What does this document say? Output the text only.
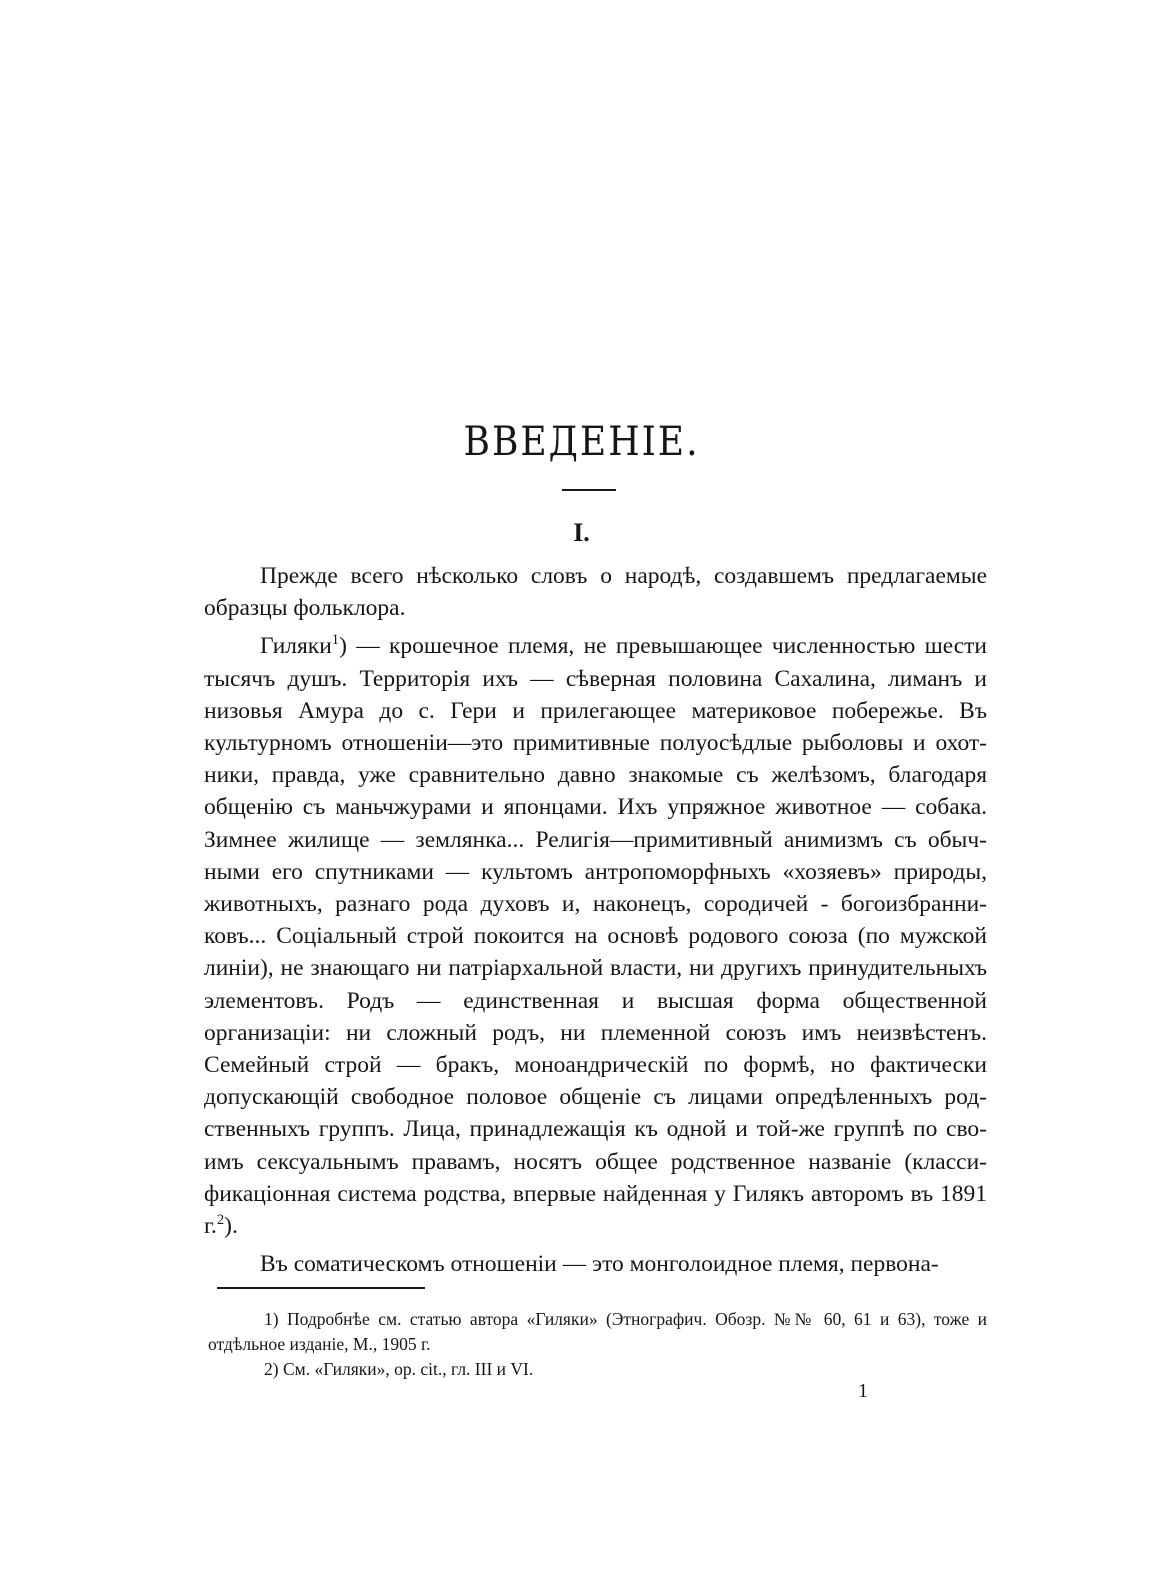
ВВЕДЕНІЕ.
I.

Прежде всего нѣсколько словъ о народѣ, создавшемъ предлагаемые образцы фольклора.

Гиляки$^1$) — крошечное племя, не превышающее численностью шести тысячъ душъ. Территорія ихъ — сѣверная половина Сахалина, лиманъ и низовья Амура до с. Гери и прилегающее материковое побережье. Въ культурномъ отношеніи—это примитивные полуосѣдлые рыболовы и охотники, правда, уже сравнительно давно знакомые съ желѣзомъ, благодаря общенію съ маньчжурами и японцами. Ихъ упряжное животное — собака. Зимнее жилище — землянка... Религія—примитивный анимизмъ съ обычными его спутниками — культомъ антропоморфныхъ «хозяевъ» природы, животныхъ, разнаго рода духовъ и, наконецъ, сородичей - богоизбранниковъ... Соціальный строй покоится на основѣ родового союза (по мужской линіи), не знающаго ни патріархальной власти, ни другихъ принудительныхъ элементовъ. Родъ — единственная и высшая форма общественной организаціи: ни сложный родъ, ни племенной союзъ имъ неизвѣстенъ. Семейный строй — бракъ, моноандрическій по формѣ, но фактически допускающій свободное половое общеніе съ лицами опредѣленныхъ родственныхъ группъ. Лица, принадлежащія къ одной и той-же группѣ по своимъ сексуальнымъ правамъ, носятъ общее родственное названіе (классификаціонная система родства, впервые найденная у Гилякъ авторомъ въ 1891 г.$^2$).

Въ соматическомъ отношеніи — это монголоидное племя, первона-

1) Подробнѣе см. статью автора «Гиляки» (Этнографич. Обозр. №№ 60, 61 и 63), тоже и отдѣльное изданіе, М., 1905 г.

2) См. «Гиляки», op. cit., гл. III и VI.

1
